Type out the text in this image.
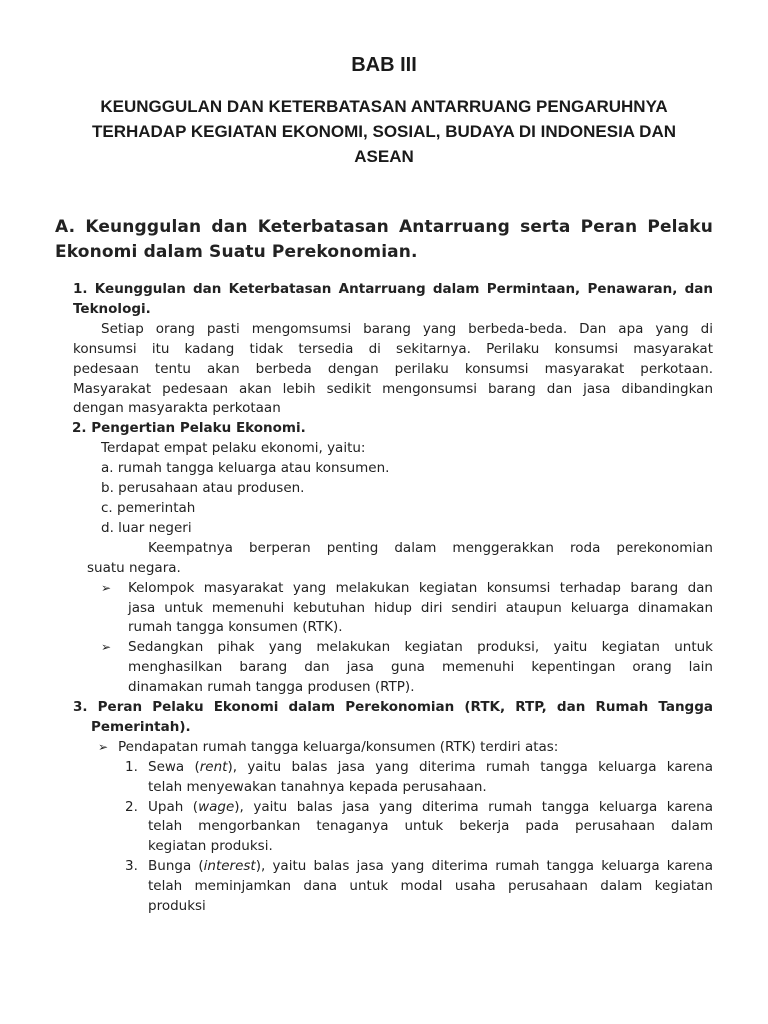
BAB III
KEUNGGULAN DAN KETERBATASAN ANTARRUANG PENGARUHNYA
TERHADAP KEGIATAN EKONOMI, SOSIAL, BUDAYA DI INDONESIA DAN
ASEAN
A. Keunggulan dan Keterbatasan Antarruang serta Peran Pelaku
Ekonomi dalam Suatu Perekonomian.
1. Keunggulan dan Keterbatasan Antarruang dalam Permintaan, Penawaran, dan
Teknologi.
Setiap orang pasti mengomsumsi barang yang berbeda-beda. Dan apa yang di
konsumsi itu kadang tidak tersedia di sekitarnya. Perilaku konsumsi masyarakat
pedesaan tentu akan berbeda dengan perilaku konsumsi masyarakat perkotaan.
Masyarakat pedesaan akan lebih sedikit mengonsumsi barang dan jasa dibandingkan
dengan masyarakta perkotaan
2. Pengertian Pelaku Ekonomi.
Terdapat empat pelaku ekonomi, yaitu:
a. rumah tangga keluarga atau konsumen.
b. perusahaan atau produsen.
c. pemerintah
d. luar negeri
Keempatnya berperan penting dalam menggerakkan roda perekonomian
suatu negara.
➢ Kelompok masyarakat yang melakukan kegiatan konsumsi terhadap barang dan
jasa untuk memenuhi kebutuhan hidup diri sendiri ataupun keluarga dinamakan
rumah tangga konsumen (RTK).
➢ Sedangkan pihak yang melakukan kegiatan produksi, yaitu kegiatan untuk
menghasilkan barang dan jasa guna memenuhi kepentingan orang lain
dinamakan rumah tangga produsen (RTP).
3. Peran Pelaku Ekonomi dalam Perekonomian (RTK, RTP, dan Rumah Tangga
Pemerintah).
➢ Pendapatan rumah tangga keluarga/konsumen (RTK) terdiri atas:
1. Sewa (rent), yaitu balas jasa yang diterima rumah tangga keluarga karena
telah menyewakan tanahnya kepada perusahaan.
2. Upah (wage), yaitu balas jasa yang diterima rumah tangga keluarga karena
telah mengorbankan tenaganya untuk bekerja pada perusahaan dalam
kegiatan produksi.
3. Bunga (interest), yaitu balas jasa yang diterima rumah tangga keluarga karena
telah meminjamkan dana untuk modal usaha perusahaan dalam kegiatan
produksi
